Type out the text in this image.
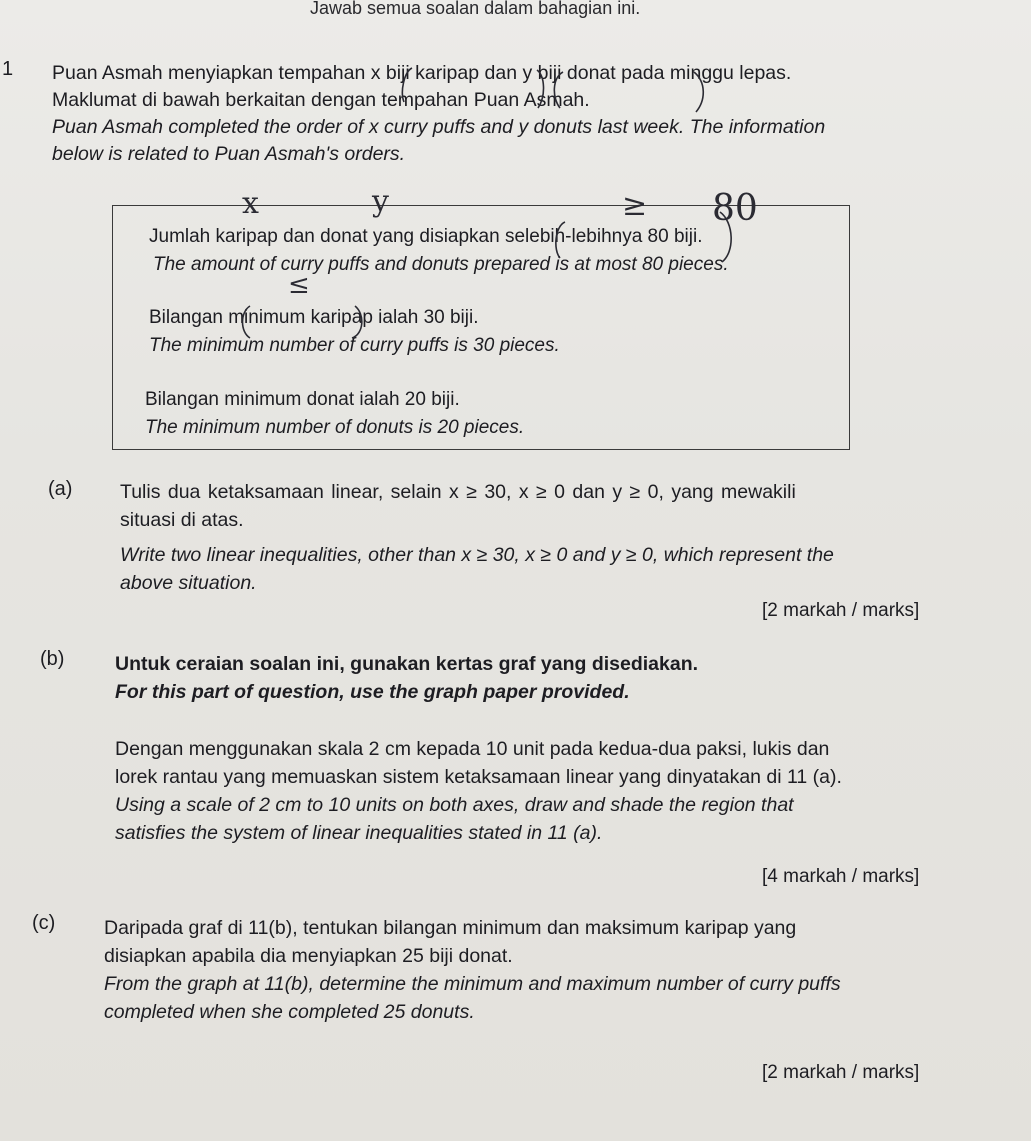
Jawab semua soalan dalam bahagian ini.
1 Puan Asmah menyiapkan tempahan x biji karipap dan y biji donat pada minggu lepas.

Maklumat di bawah berkaitan dengan tempahan Puan Asmah.

Puan Asmah completed the order of x curry puffs and y donuts last week. The information

below is related to Puan Asmah's orders.

Jumlah karipap dan donat yang disiapkan selebih-lebihnya 80 biji.
The amount of curry puffs and donuts prepared is at most 80 pieces.
Bilangan minimum karipap ialah 30 biji.
The minimum number of curry puffs is 30 pieces.
Bilangan minimum donat ialah 20 biji.
The minimum number of donuts is 20 pieces.
x	y	≥ 80
≤
(a) Tulis dua ketaksamaan linear, selain x ≥ 30, x ≥ 0 dan y ≥ 0, yang mewakili
situasi di atas.
Write two linear inequalities, other than x ≥ 30, x ≥ 0 and y ≥ 0, which represent the
above situation.
[2 markah / marks]
(b)	Untuk ceraian soalan ini, gunakan kertas graf yang disediakan.
For this part of question, use the graph paper provided.
Dengan menggunakan skala 2 cm kepada 10 unit pada kedua-dua paksi, lukis dan
lorek rantau yang memuaskan sistem ketaksamaan linear yang dinyatakan di 11 (a).
Using a scale of 2 cm to 10 units on both axes, draw and shade the region that
satisfies the system of linear inequalities stated in 11 (a).
[4 markah / marks]
(c) Daripada graf di 11(b), tentukan bilangan minimum dan maksimum karipap yang
disiapkan apabila dia menyiapkan 25 biji donat.
From the graph at 11(b), determine the minimum and maximum number of curry puffs
completed when she completed 25 donuts.
[2 markah / marks]
